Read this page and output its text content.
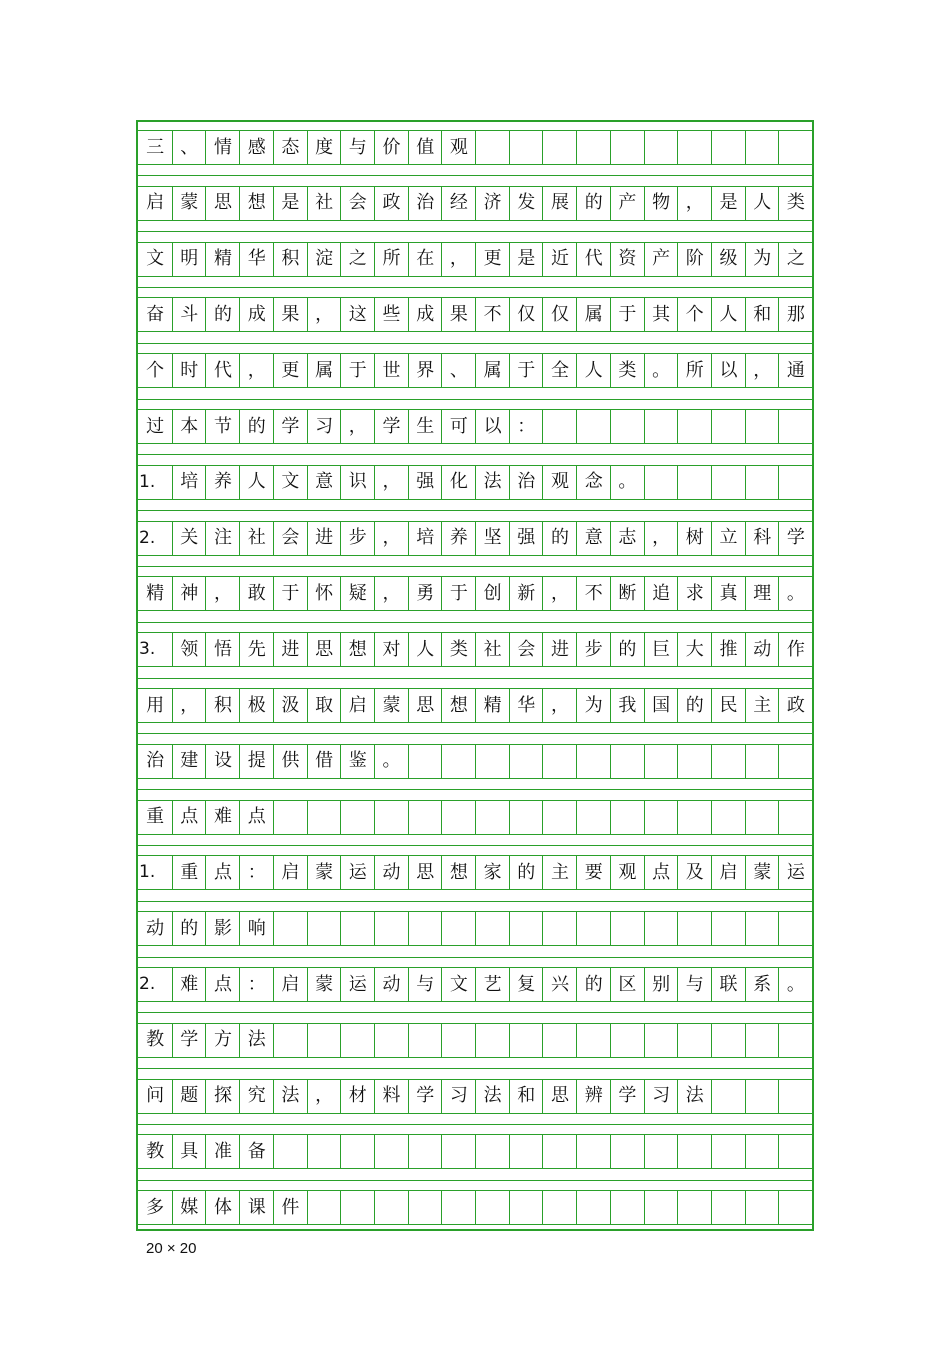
三 、 情 感 态 度 与 价 值 观
启 蒙 思 想 是 社 会 政 治 经 济 发 展 的 产 物 ， 是 人 类
文 明 精 华 积 淀 之 所 在 ， 更 是 近 代 资 产 阶 级 为 之
奋 斗 的 成 果 ， 这 些 成 果 不 仅 仅 属 于 其 个 人 和 那
个 时 代 ， 更 属 于 世 界 、 属 于 全 人 类 。 所 以 ， 通
过 本 节 的 学 习 ， 学 生 可 以 ：
1.	培 养 人 文 意 识 ， 强 化 法 治 观 念 。
2.	关 注 社 会 进 步 ， 培 养 坚 强 的 意 志 ， 树 立 科 学
精 神 ， 敢 于 怀 疑 ， 勇 于 创 新 ， 不 断 追 求 真 理 。
3.	领 悟 先 进 思 想 对 人 类 社 会 进 步 的 巨 大 推 动 作
用 ， 积 极 汲 取 启 蒙 思 想 精 华 ， 为 我 国 的 民 主 政
治 建 设 提 供 借 鉴 。
重 点 难 点
1.	重 点 ： 启 蒙 运 动 思 想 家 的 主 要 观 点 及 启 蒙 运
动 的 影 响
2.	难 点 ： 启 蒙 运 动 与 文 艺 复 兴 的 区 别 与 联 系 。
教 学 方 法
问 题 探 究 法 ， 材 料 学 习 法 和 思 辨 学 习 法
教 具 准 备
多 媒 体 课 件
20 × 20
